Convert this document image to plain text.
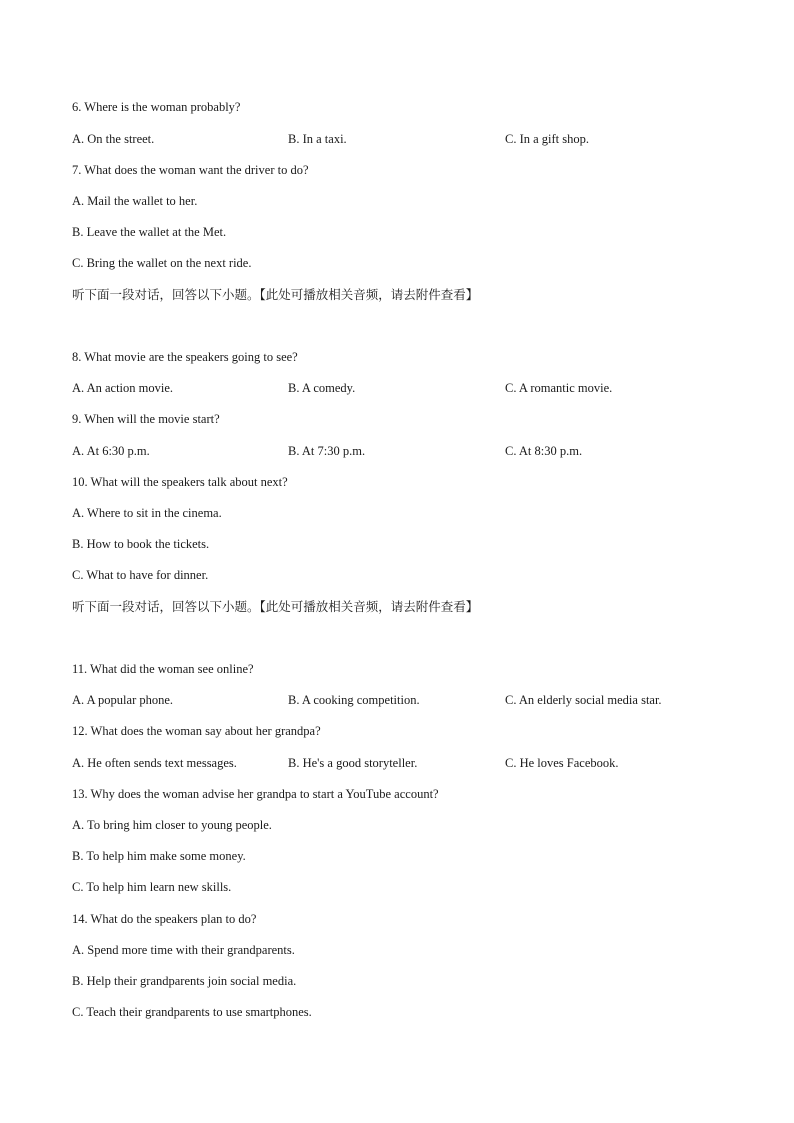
6. Where is the woman probably?
A. On the street.	B. In a taxi.	C. In a gift shop.
7. What does the woman want the driver to do?
A. Mail the wallet to her.
B. Leave the wallet at the Met.
C. Bring the wallet on the next ride.
听下面一段对话，回答以下小题。【此处可播放相关音频，请去附件查看】
8. What movie are the speakers going to see?
A. An action movie.	B. A comedy.	C. A romantic movie.
9. When will the movie start?
A. At 6:30 p.m.	B. At 7:30 p.m.	C. At 8:30 p.m.
10. What will the speakers talk about next?
A. Where to sit in the cinema.
B. How to book the tickets.
C. What to have for dinner.
听下面一段对话，回答以下小题。【此处可播放相关音频，请去附件查看】
11. What did the woman see online?
A. A popular phone.	B. A cooking competition.	C. An elderly social media star.
12. What does the woman say about her grandpa?
A. He often sends text messages.	B. He's a good storyteller.	C. He loves Facebook.
13. Why does the woman advise her grandpa to start a YouTube account?
A. To bring him closer to young people.
B. To help him make some money.
C. To help him learn new skills.
14. What do the speakers plan to do?
A. Spend more time with their grandparents.
B. Help their grandparents join social media.
C. Teach their grandparents to use smartphones.
